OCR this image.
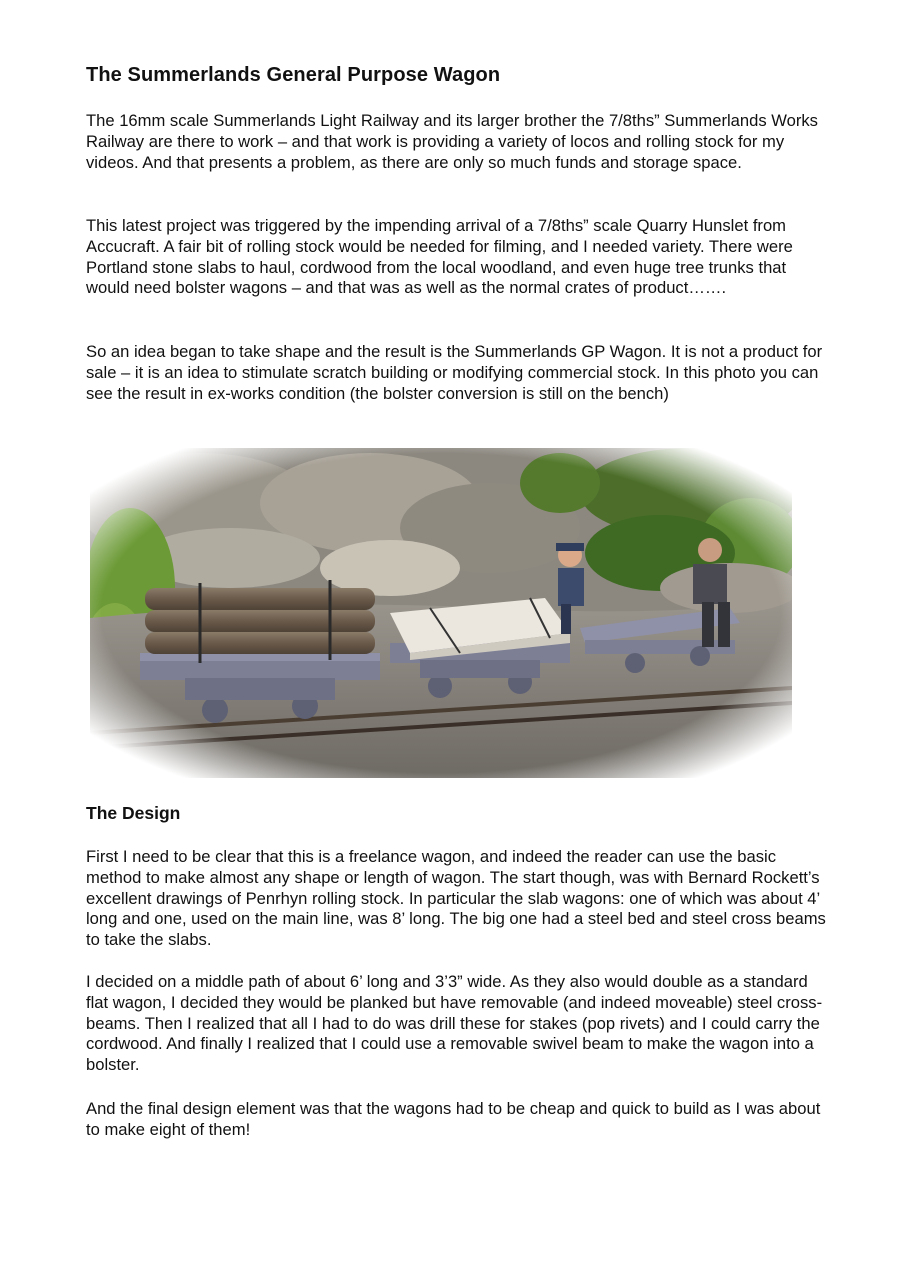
The Summerlands General Purpose Wagon

The 16mm scale Summerlands Light Railway and its larger brother the 7/8ths” Summerlands Works Railway are there to work – and that work is providing a variety of locos and rolling stock for my videos. And that presents a problem, as there are only so much funds and storage space.

This latest project was triggered by the impending arrival of a 7/8ths” scale Quarry Hunslet from Accucraft. A fair bit of rolling stock would be needed for filming, and I needed variety. There were Portland stone slabs to haul, cordwood from the local woodland, and even huge tree trunks that would need bolster wagons – and that was as well as the normal crates of product…….

So an idea began to take shape and the result is the Summerlands GP Wagon. It is not a product for sale – it is an idea to stimulate scratch building or modifying commercial stock. In this photo you can see the result in ex-works condition (the bolster conversion is still on the bench)

The Design

First I need to be clear that this is a freelance wagon, and indeed the reader can use the basic method to make almost any shape or length of wagon. The start though, was with Bernard Rockett’s excellent drawings of Penrhyn rolling stock. In particular the slab wagons: one of which was about 4’ long and one, used on the main line, was 8’ long. The big one had a steel bed and steel cross beams to take the slabs.

I decided on a middle path of about 6’ long and 3’3” wide. As they also would double as a standard flat wagon, I decided they would be planked but have removable (and indeed moveable) steel cross-beams. Then I realized that all I had to do was drill these for stakes (pop rivets) and I could carry the cordwood. And finally I realized that I could use a removable swivel beam to make the wagon into a bolster.

And the final design element was that the wagons had to be cheap and quick to build as I was about to make eight of them!
